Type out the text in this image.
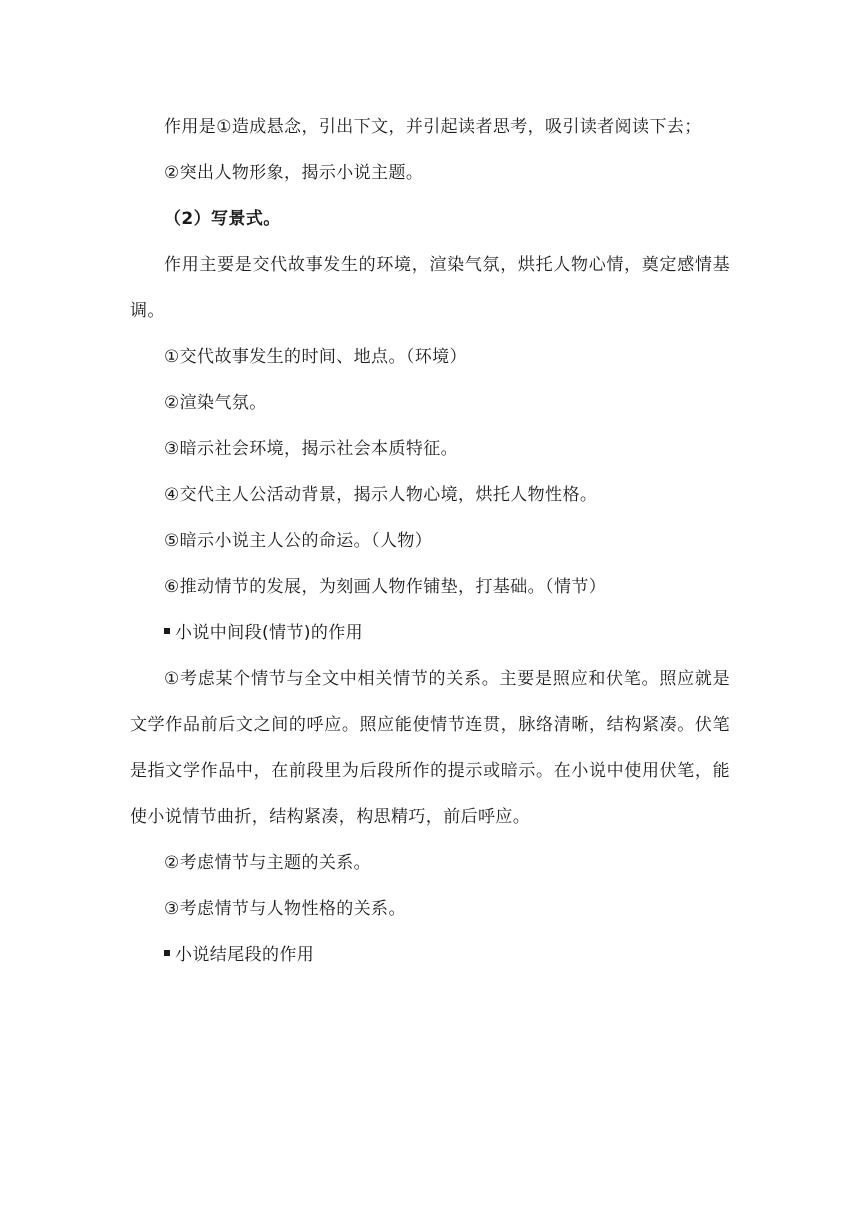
作用是①造成悬念，引出下文，并引起读者思考，吸引读者阅读下去；

②突出人物形象，揭示小说主题。

（2）写景式。

作用主要是交代故事发生的环境，渲染气氛，烘托人物心情，奠定感情基调。

①交代故事发生的时间、地点。（环境）

②渲染气氛。

③暗示社会环境，揭示社会本质特征。

④交代主人公活动背景，揭示人物心境，烘托人物性格。

⑤暗示小说主人公的命运。（人物）

⑥推动情节的发展，为刻画人物作铺垫，打基础。（情节）

小说中间段(情节)的作用

①考虑某个情节与全文中相关情节的关系。主要是照应和伏笔。照应就是文学作品前后文之间的呼应。照应能使情节连贯，脉络清晰，结构紧凑。伏笔是指文学作品中，在前段里为后段所作的提示或暗示。在小说中使用伏笔，能使小说情节曲折，结构紧凑，构思精巧，前后呼应。

②考虑情节与主题的关系。

③考虑情节与人物性格的关系。

小说结尾段的作用
